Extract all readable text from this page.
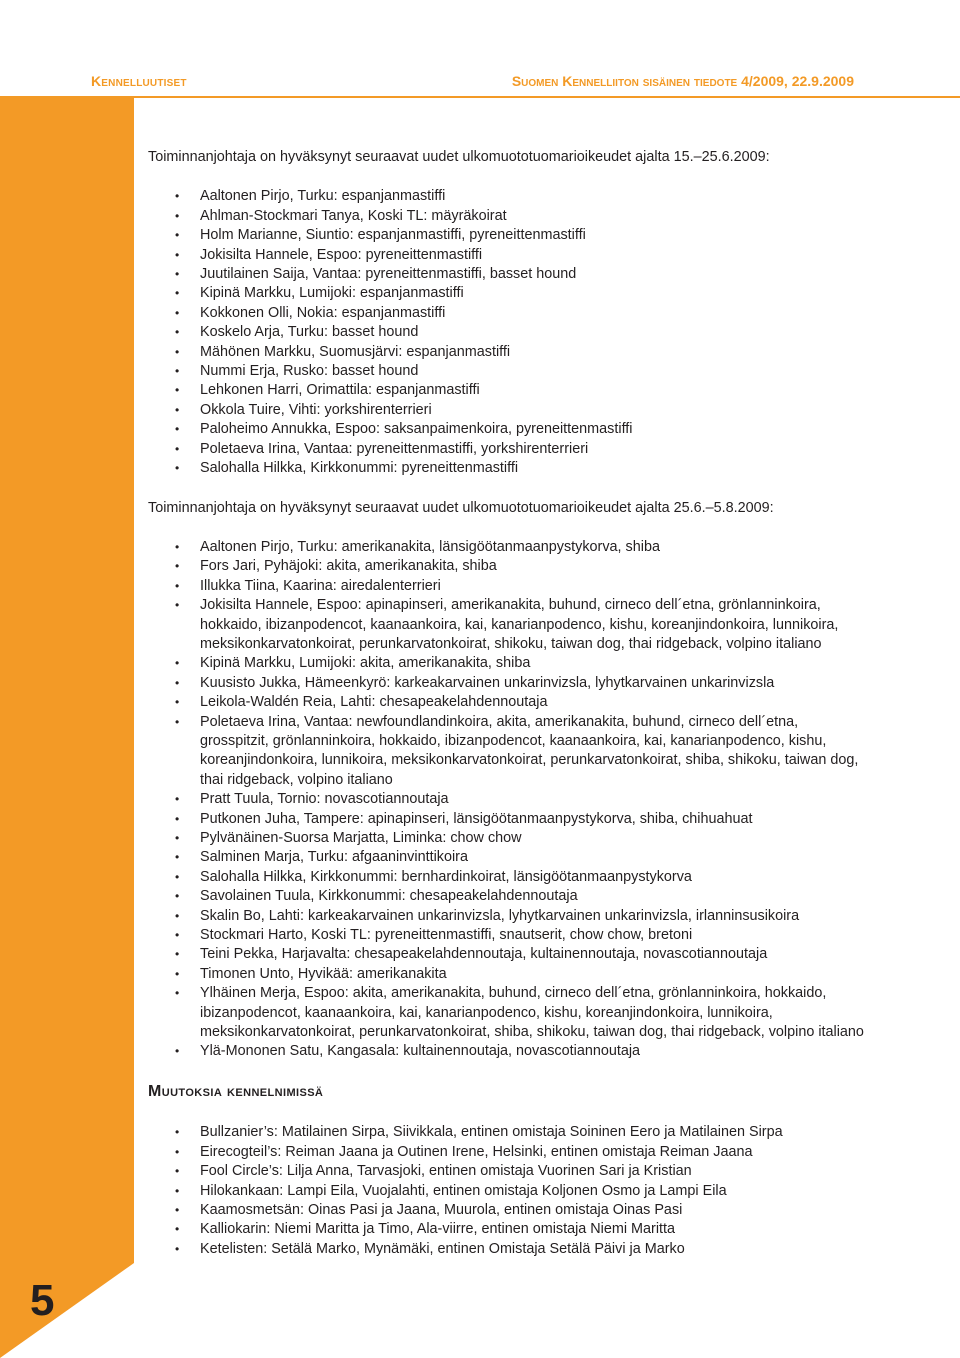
Kennelluutiset	Suomen Kennelliiton sisäinen tiedote 4/2009, 22.9.2009
5

Toiminnanjohtaja on hyväksynyt seuraavat uudet ulkomuototuomarioikeudet ajalta 15.–25.6.2009:

• Aaltonen Pirjo, Turku: espanjanmastiffi
• Ahlman-Stockmari Tanya, Koski TL: mäyräkoirat
• Holm Marianne, Siuntio: espanjanmastiffi, pyreneittenmastiffi
• Jokisilta Hannele, Espoo: pyreneittenmastiffi
• Juutilainen Saija, Vantaa: pyreneittenmastiffi, basset hound
• Kipinä Markku, Lumijoki: espanjanmastiffi
• Kokkonen Olli, Nokia: espanjanmastiffi
• Koskelo Arja, Turku: basset hound
• Mähönen Markku, Suomusjärvi: espanjanmastiffi
• Nummi Erja, Rusko: basset hound
• Lehkonen Harri, Orimattila: espanjanmastiffi
• Okkola Tuire, Vihti: yorkshirenterrieri
• Paloheimo Annukka, Espoo: saksanpaimenkoira, pyreneittenmastiffi
• Poletaeva Irina, Vantaa: pyreneittenmastiffi, yorkshirenterrieri
• Salohalla Hilkka, Kirkkonummi: pyreneittenmastiffi

Toiminnanjohtaja on hyväksynyt seuraavat uudet ulkomuototuomarioikeudet ajalta 25.6.–5.8.2009:

• Aaltonen Pirjo, Turku: amerikanakita, länsigöötanmaanpystykorva, shiba
• Fors Jari, Pyhäjoki: akita, amerikanakita, shiba
• Illukka Tiina, Kaarina: airedalenterrieri
• Jokisilta Hannele, Espoo: apinapinseri, amerikanakita, buhund, cirneco dell´etna, grönlanninkoira, hokkaido, ibizanpodencot, kaanaankoira, kai, kanarianpodenco, kishu, koreanjindonkoira, lunnikoira, meksikonkarvatonkoirat, perunkarvatonkoirat, shikoku, taiwan dog, thai ridgeback, volpino italiano
• Kipinä Markku, Lumijoki: akita, amerikanakita, shiba
• Kuusisto Jukka, Hämeenkyrö: karkeakarvainen unkarinvizsla, lyhytkarvainen unkarinvizsla
• Leikola-Waldén Reia, Lahti: chesapeakelahdennoutaja
• Poletaeva Irina, Vantaa: newfoundlandinkoira, akita, amerikanakita, buhund, cirneco dell´etna, grosspitzit, grönlanninkoira, hokkaido, ibizanpodencot, kaanaankoira, kai, kanarianpodenco, kishu, koreanjindonkoira, lunnikoira, meksikonkarvatonkoirat, perunkarvatonkoirat, shiba, shikoku, taiwan dog, thai ridgeback, volpino italiano
• Pratt Tuula, Tornio: novascotiannoutaja
• Putkonen Juha, Tampere: apinapinseri, länsigöötanmaanpystykorva, shiba, chihuahuat
• Pylvänäinen-Suorsa Marjatta, Liminka: chow chow
• Salminen Marja, Turku: afgaaninvinttikoira
• Salohalla Hilkka, Kirkkonummi: bernhardinkoirat, länsigöötanmaanpystykorva
• Savolainen Tuula, Kirkkonummi: chesapeakelahdennoutaja
• Skalin Bo, Lahti: karkeakarvainen unkarinvizsla, lyhytkarvainen unkarinvizsla, irlanninsusikoira
• Stockmari Harto, Koski TL: pyreneittenmastiffi, snautserit, chow chow, bretoni
• Teini Pekka, Harjavalta: chesapeakelahdennoutaja, kultainennoutaja, novascotiannoutaja
• Timonen Unto, Hyvikää: amerikanakita
• Ylhäinen Merja, Espoo: akita, amerikanakita, buhund, cirneco dell´etna, grönlanninkoira, hokkaido, ibizanpodencot, kaanaankoira, kai, kanarianpodenco, kishu, koreanjindonkoira, lunnikoira, meksikonkarvatonkoirat, perunkarvatonkoirat, shiba, shikoku, taiwan dog, thai ridgeback, volpino italiano
• Ylä-Mononen Satu, Kangasala: kultainennoutaja, novascotiannoutaja
Muutoksia kennelnimissä
• Bullzanier’s: Matilainen Sirpa, Siivikkala, entinen omistaja Soininen Eero ja Matilainen Sirpa
• Eirecogteil’s: Reiman Jaana ja Outinen Irene, Helsinki, entinen omistaja Reiman Jaana
• Fool Circle’s: Lilja Anna, Tarvasjoki, entinen omistaja Vuorinen Sari ja Kristian
• Hilokankaan: Lampi Eila, Vuojalahti, entinen omistaja Koljonen Osmo ja Lampi Eila
• Kaamosmetsän: Oinas Pasi ja Jaana, Muurola, entinen omistaja Oinas Pasi
• Kalliokarin: Niemi Maritta ja Timo, Ala-viirre, entinen omistaja Niemi Maritta
• Ketelisten: Setälä Marko, Mynämäki, entinen Omistaja Setälä Päivi ja Marko
